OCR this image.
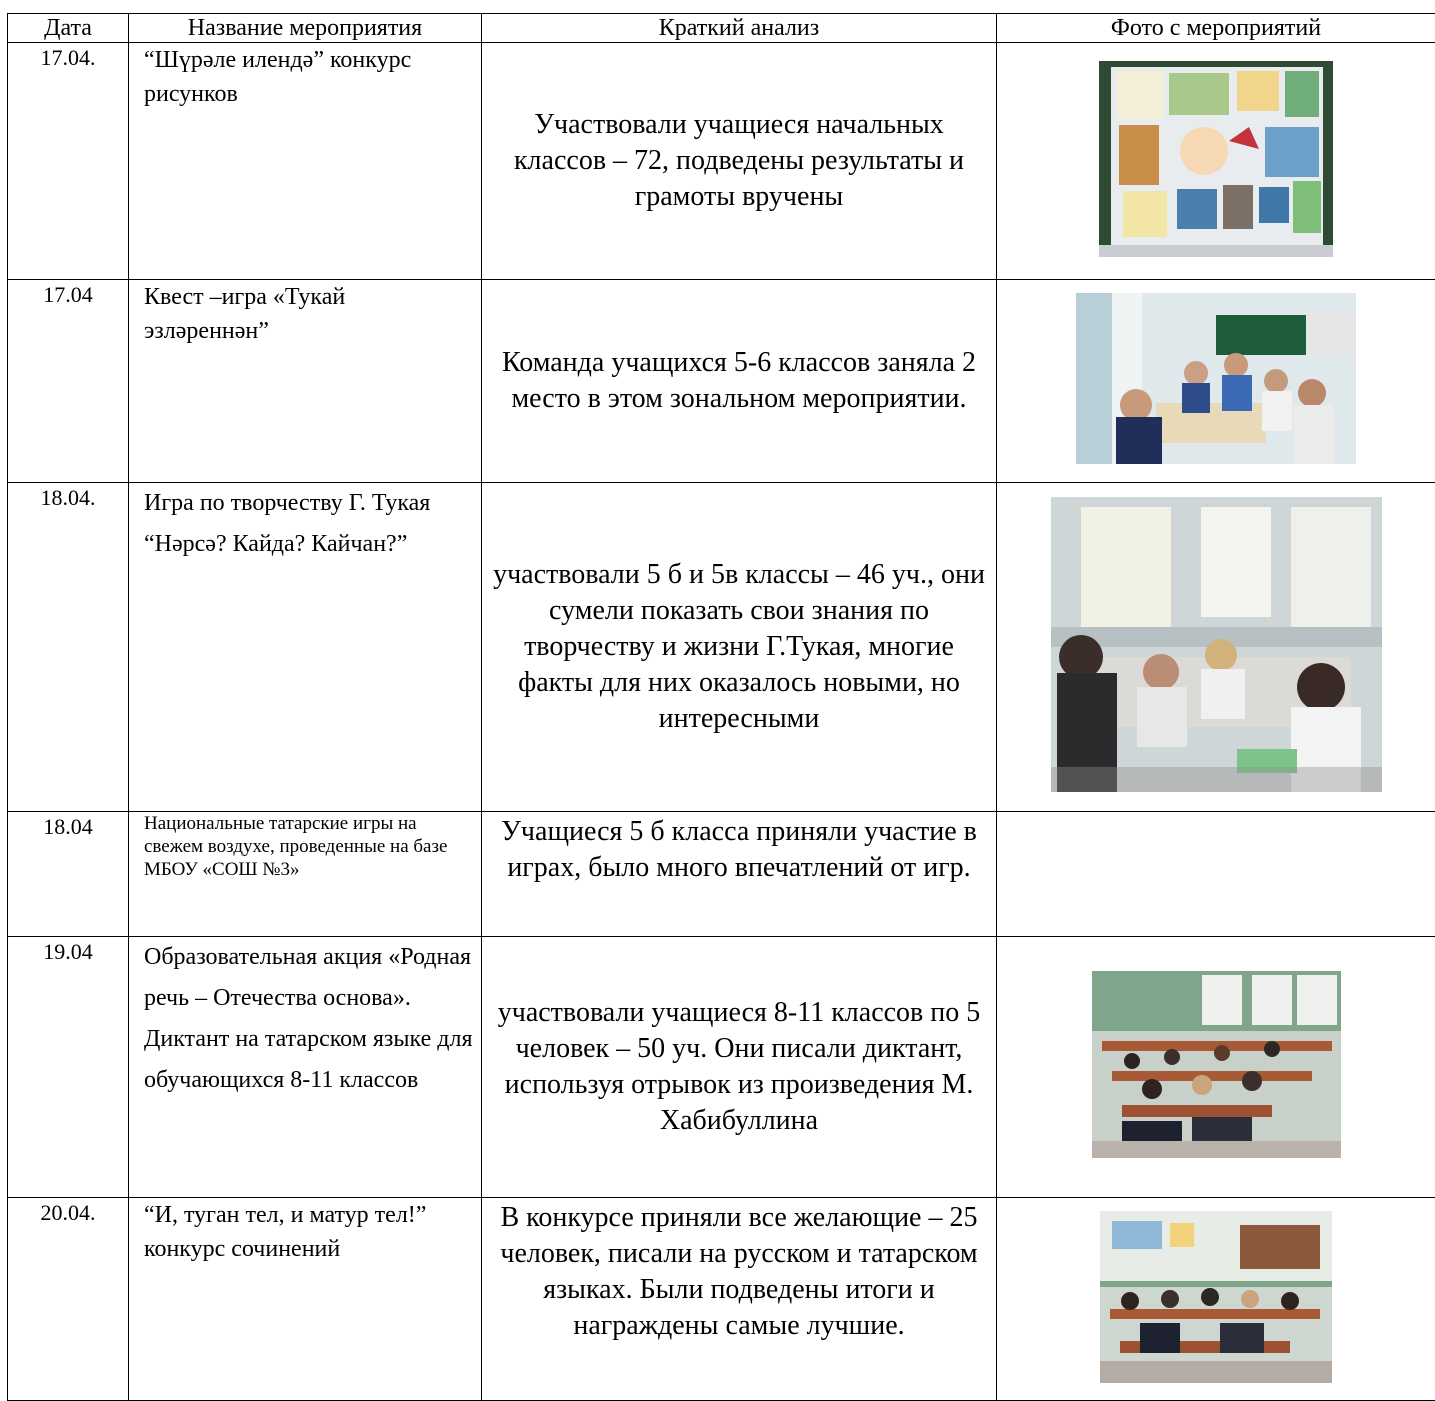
Дата	Название мероприятия	Краткий анализ	Фото с мероприятий
17.04.	“Шүрәле илендә” конкурс рисунков	Участвовали учащиеся начальных классов – 72, подведены результаты и грамоты вручены	

17.04	Квест –игра «Тукай эзләреннән”	Команда учащихся 5-6 классов заняла 2 место в этом зональном мероприятии.	

18.04.	Игра по творчеству Г. Тукая “Нәрсә? Кайда? Кайчан?”	участвовали 5 б и 5в классы – 46 уч., они сумели показать свои знания по творчеству и жизни Г.Тукая, многие факты для них оказалось новыми, но интересными	

18.04	Национальные татарские игры на свежем воздухе, проведенные на базе МБОУ «СОШ №3»	Учащиеся 5 б класса приняли участие в играх, было много впечатлений от игр.	
19.04	Образовательная акция «Родная речь – Отечества основа». Диктант на татарском языке для обучающихся 8-11 классов	участвовали учащиеся 8-11 классов по 5 человек – 50 уч. Они писали диктант, используя отрывок из произведения М. Хабибуллина	

20.04.	“И, туган тел, и матур тел!” конкурс сочинений	В конкурсе приняли все желающие – 25 человек, писали на русском и татарском языках. Были подведены итоги и награждены самые лучшие.	
